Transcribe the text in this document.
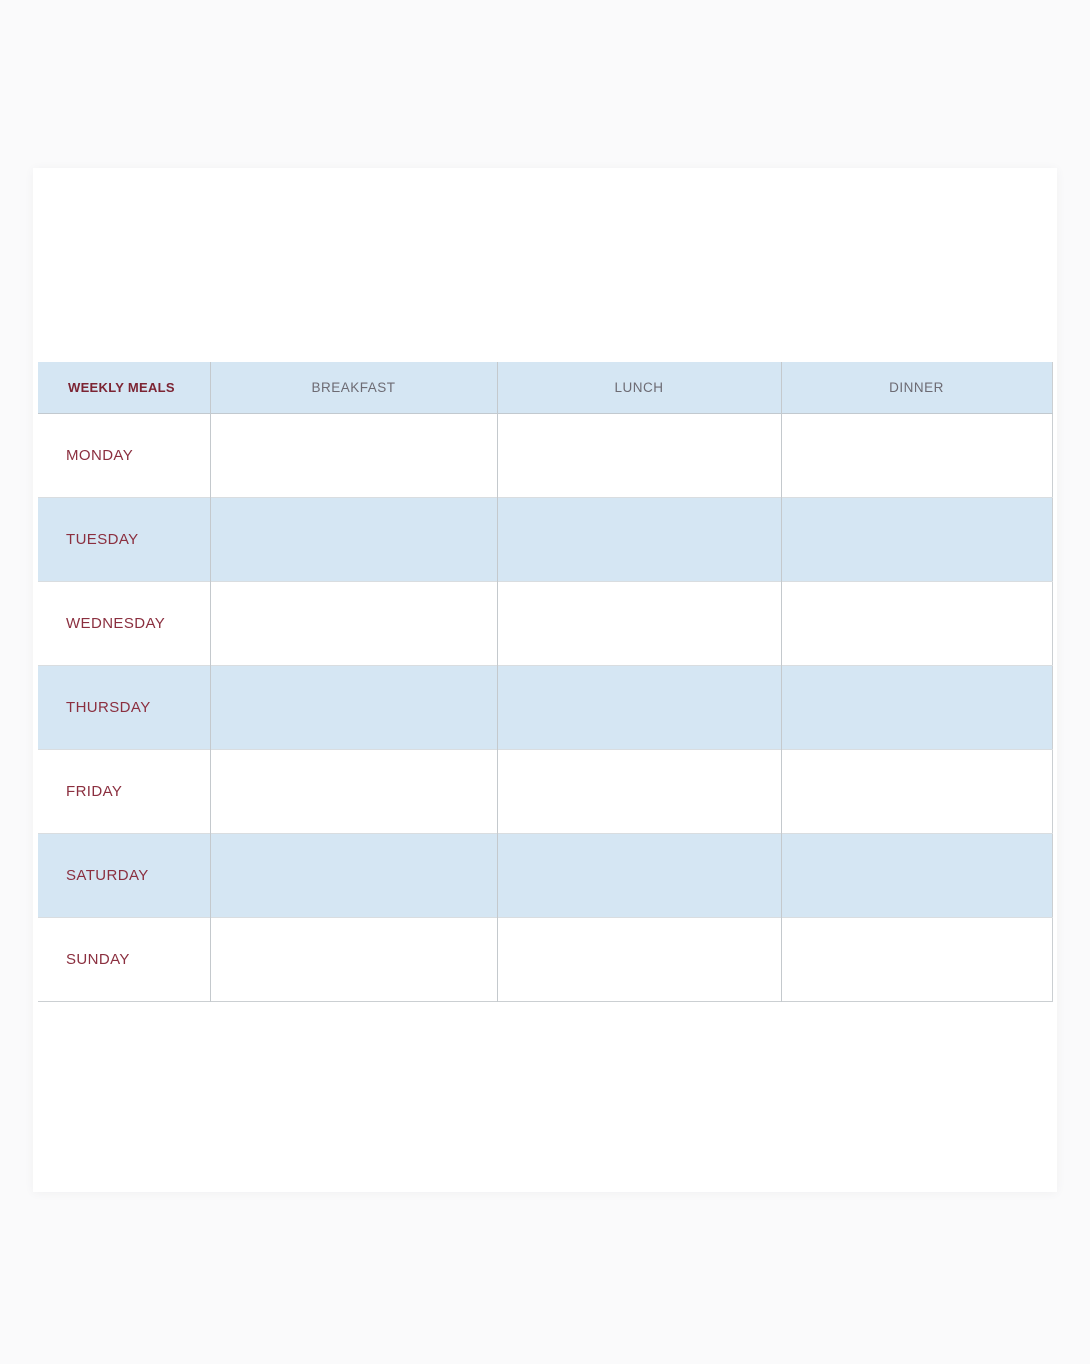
WEEKLY MEALS	BREAKFAST	LUNCH	DINNER
MONDAY			
TUESDAY			
WEDNESDAY			
THURSDAY			
FRIDAY			
SATURDAY			
SUNDAY			
